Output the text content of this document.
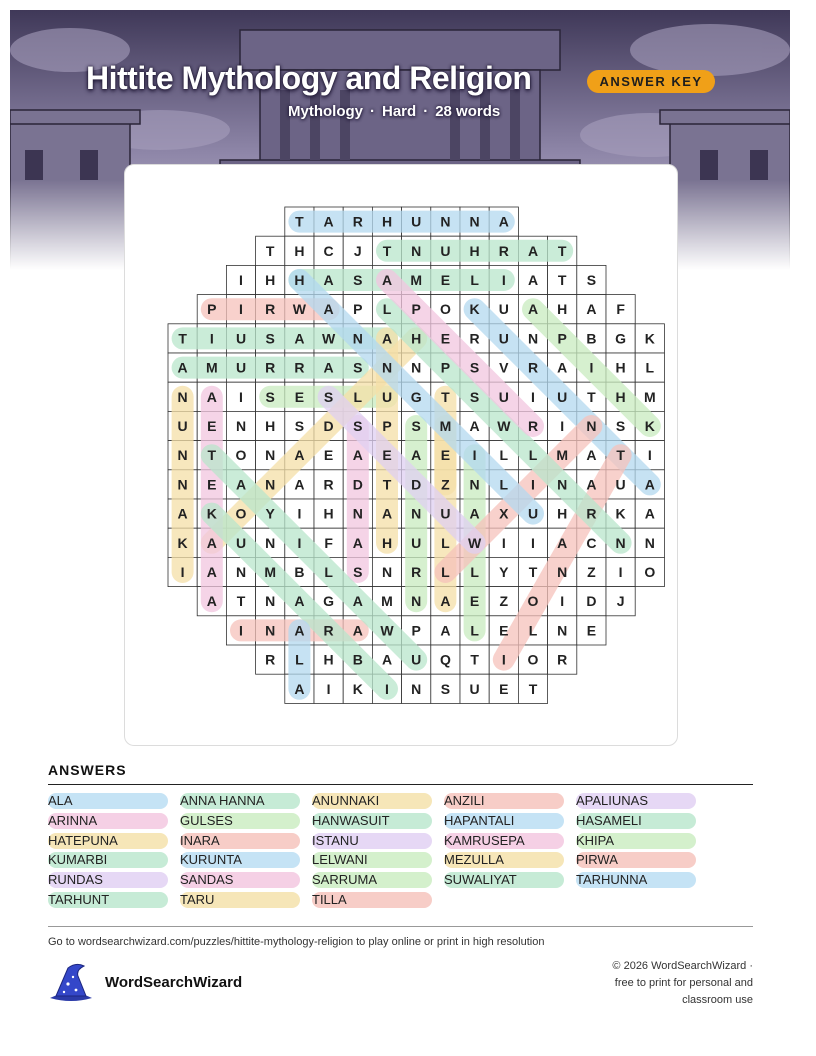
Hittite Mythology and Religion	ANSWER KEY
Mythology · Hard · 28 words
T A R H U N N A
T H C J T N U H R A T
I H H A S A M E L I A T S
P I R W A P L P O K U A H A F
T I U S A W N A H E R U N P B G K
A M U R R A S N N P S V R A I H L
N A I S E S L U G T S U I U T H M
U E N H S D S P S M A W R I N S K
N T O N A E A E A E I L L M A T I
N E A N A R D T D Z N L I N A U A
A K O Y I H N A N U A X U H R K A
K A U N I F A H U L W I I A C N N
I A N M B L S N R L L Y T N Z I O
A T N A G A M N A E Z O I D J
I N A R A W P A L E L N E
R L H B A U Q T I O R
A I K I N S U E T
ANSWERS
ALA	ANNA HANNA	ANUNNAKI	ANZILI	APALIUNAS
ARINNA	GULSES	HANWASUIT	HAPANTALI	HASAMELI
HATEPUNA	INARA	ISTANU	KAMRUSEPA	KHIPA
KUMARBI	KURUNTA	LELWANI	MEZULLA	PIRWA
RUNDAS	SANDAS	SARRUMA	SUWALIYAT	TARHUNNA
TARHUNT	TARU	TILLA
Go to wordsearchwizard.com/puzzles/hittite-mythology-religion to play online or print in high resolution
WordSearchWizard
© 2026 WordSearchWizard ·
free to print for personal and
classroom use
